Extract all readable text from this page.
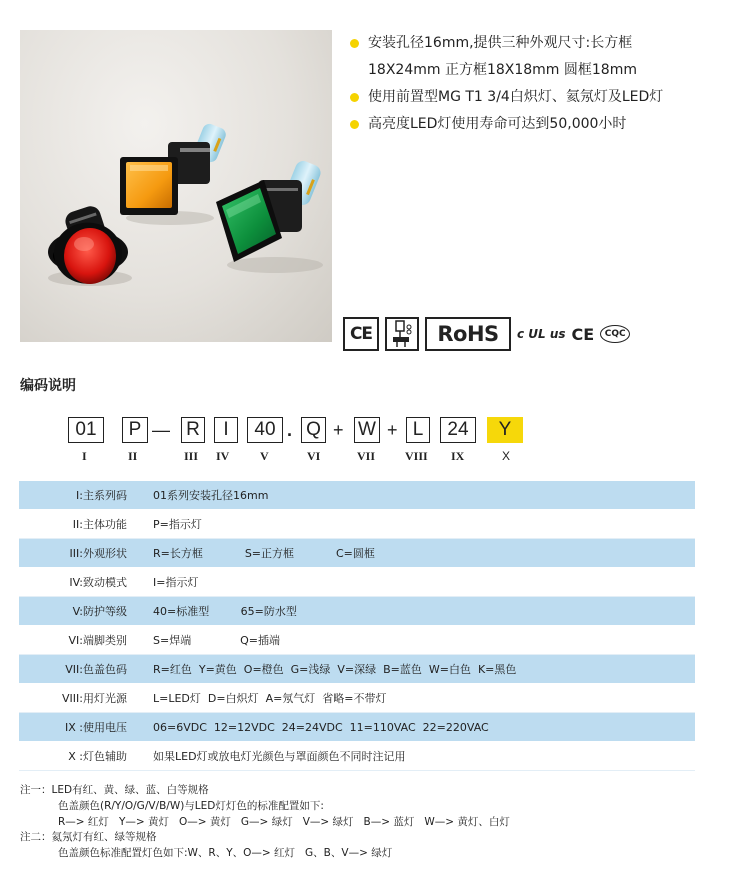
安装孔径16mm,提供三种外观尺寸:长方框
18X24mm 正方框18X18mm 圆框18mm
使用前置型MG T1 3/4白炽灯、氦氖灯及LED灯
高亮度LED灯使用寿命可达到50,000小时
CE	RoHS	c UL us CE	CQC
编码说明
01	P — R	I	40 . Q + W + L	24	Y
I	II	III IV	V	VI	VII VIII IX	X
I:主系列码	01系列安装孔径16mm
II:主体功能	P=指示灯
III:外观形状	R=长方框            S=正方框            C=圆框
IV:致动模式	I=指示灯
V:防护等级	40=标准型         65=防水型
VI:端脚类别	S=焊端              Q=插端
VII:色盖色码	R=红色  Y=黄色  O=橙色  G=浅绿  V=深绿  B=蓝色  W=白色  K=黑色
VIII:用灯光源	L=LED灯  D=白炽灯  A=氖气灯  省略=不带灯
IX :使用电压	06=6VDC  12=12VDC  24=24VDC  11=110VAC  22=220VAC
X :灯色辅助	如果LED灯或放电灯光颜色与罩面颜色不同时注记用
注一：LED有红、黄、绿、蓝、白等规格
色盖颜色(R/Y/O/G/V/B/W)与LED灯灯色的标准配置如下:
R—> 红灯   Y—> 黄灯   O—> 黄灯   G—> 绿灯   V—> 绿灯   B—> 蓝灯   W—> 黄灯、白灯
注二：氦氖灯有红、绿等规格
色盖颜色标准配置灯色如下:W、R、Y、O—> 红灯   G、B、V—> 绿灯
